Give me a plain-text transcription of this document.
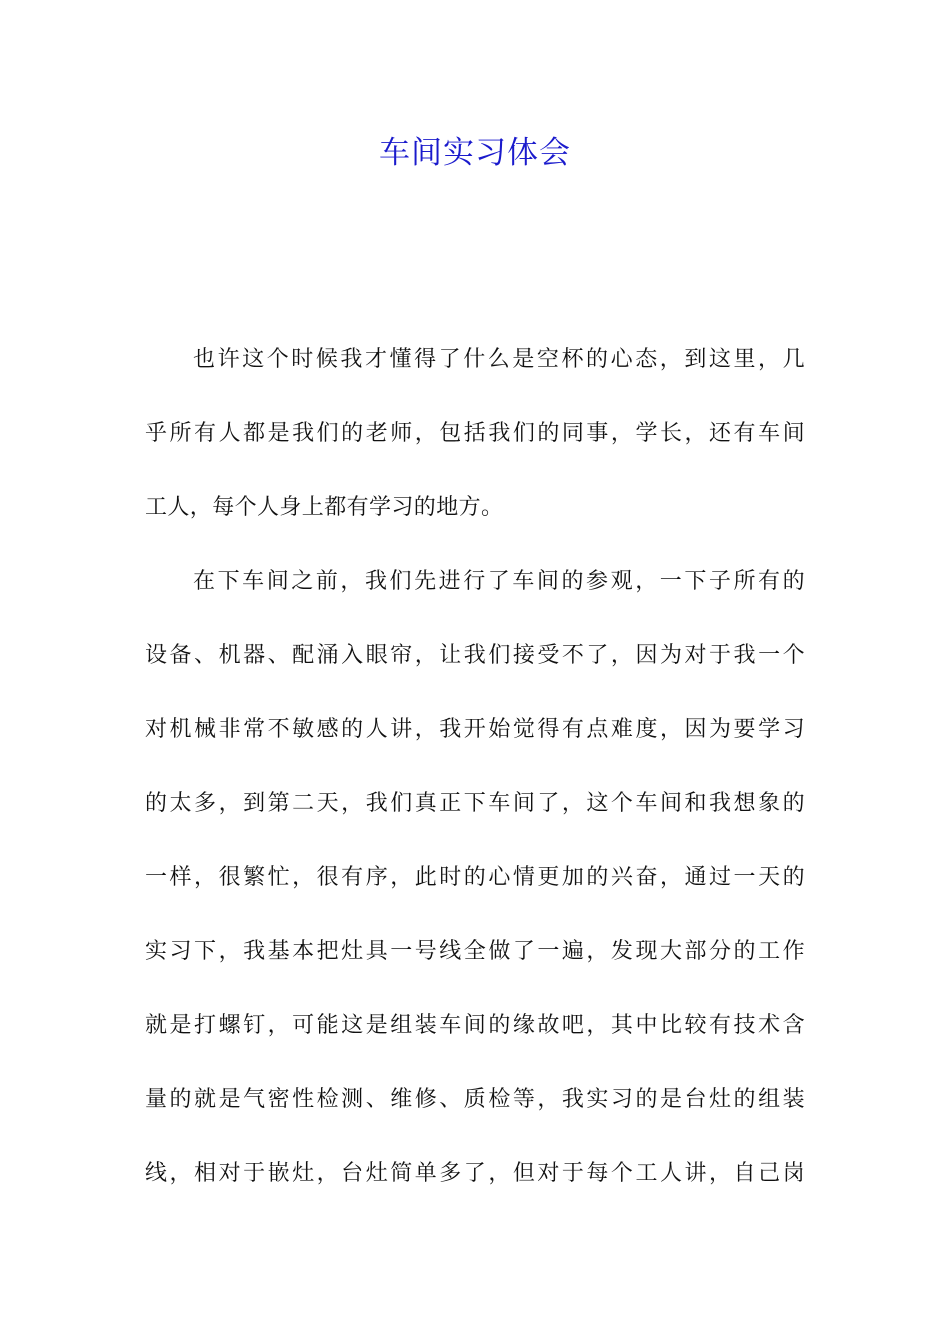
车间实习体会
也许这个时候我才懂得了什么是空杯的心态，到这里，几
乎所有人都是我们的老师，包括我们的同事，学长，还有车间
工人，每个人身上都有学习的地方。
在下车间之前，我们先进行了车间的参观，一下子所有的
设备、机器、配涌入眼帘，让我们接受不了，因为对于我一个
对机械非常不敏感的人讲，我开始觉得有点难度，因为要学习
的太多，到第二天，我们真正下车间了，这个车间和我想象的
一样，很繁忙，很有序，此时的心情更加的兴奋，通过一天的
实习下，我基本把灶具一号线全做了一遍，发现大部分的工作
就是打螺钉，可能这是组装车间的缘故吧，其中比较有技术含
量的就是气密性检测、维修、质检等，我实习的是台灶的组装
线，相对于嵌灶，台灶简单多了，但对于每个工人讲，自己岗
